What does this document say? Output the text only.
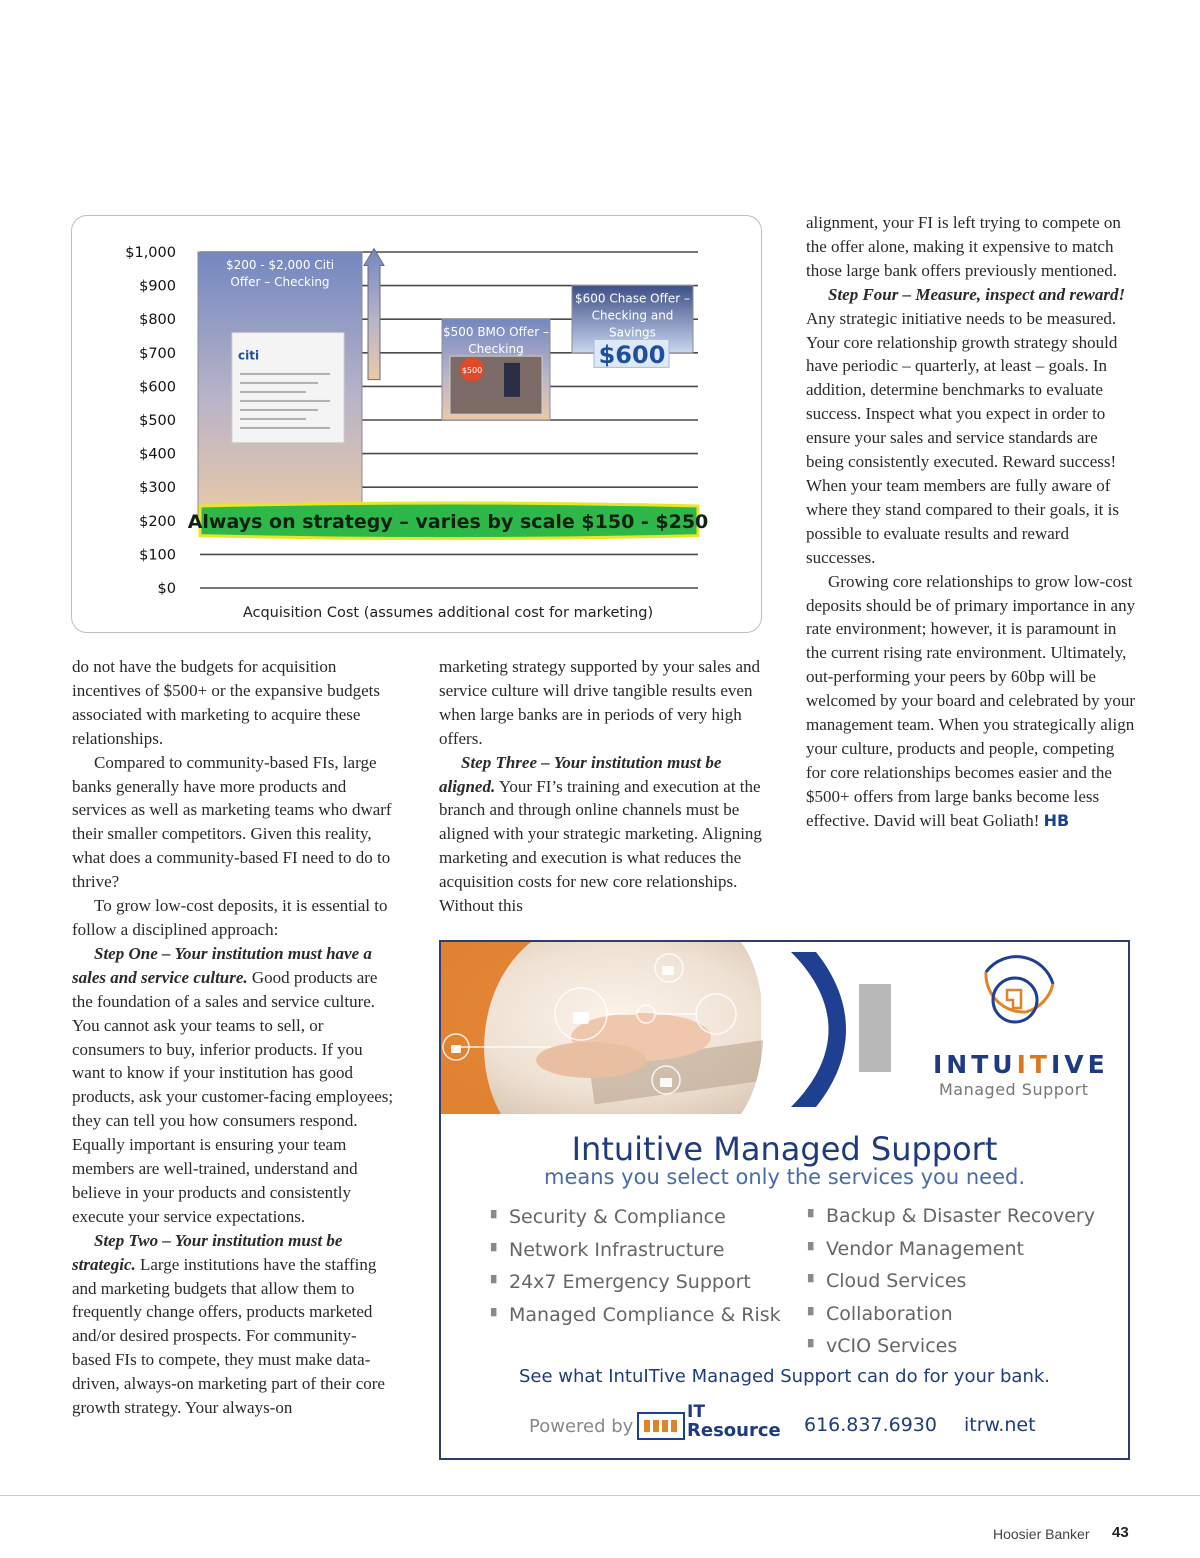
$1,000
$900
$800
$700
$600
$500
$400
$300
$200
$100
$0
citi
$200 - $2,000 Citi
Offer – Checking
$500
$500 BMO Offer –
Checking	$600
$600 Chase Offer –
Checking and
Savings
Always on strategy – varies by scale $150 - $250
Acquisition Cost (assumes additional cost for marketing)

do not have the budgets for acquisition incentives of $500+ or the expansive budgets associated with marketing to acquire these relationships.

Compared to community-based FIs, large banks generally have more products and services as well as marketing teams who dwarf their smaller competitors. Given this reality, what does a community-based FI need to do to thrive?

To grow low-cost deposits, it is essential to follow a disciplined approach:

Step One – Your institution must have a sales and service culture. Good products are the foundation of a sales and service culture. You cannot ask your teams to sell, or consumers to buy, inferior products. If you want to know if your institution has good products, ask your customer-facing employees; they can tell you how consumers respond. Equally important is ensuring your team members are well-trained, understand and believe in your products and consistently execute your service expectations.

Step Two – Your institution must be strategic. Large institutions have the staffing and marketing budgets that allow them to frequently change offers, products marketed and/or desired prospects. For community-based FIs to compete, they must make data-driven, always-on marketing part of their core growth strategy. Your always-on

marketing strategy supported by your sales and service culture will drive tangible results even when large banks are in periods of very high offers.

Step Three – Your institution must be aligned. Your FI’s training and execution at the branch and through online channels must be aligned with your strategic marketing. Aligning marketing and execution is what reduces the acquisition costs for new core relationships. Without this

alignment, your FI is left trying to compete on the offer alone, making it expensive to match those large bank offers previously mentioned.

Step Four – Measure, inspect and reward! Any strategic initiative needs to be measured. Your core relationship growth strategy should have periodic – quarterly, at least – goals. In addition, determine benchmarks to evaluate success. Inspect what you expect in order to ensure your sales and service standards are being consistently executed. Reward success! When your team members are fully aware of where they stand compared to their goals, it is possible to evaluate results and reward successes.

Growing core relationships to grow low-cost deposits should be of primary importance in any rate environment; however, it is paramount in the current rising rate environment. Ultimately, out-performing your peers by 60bp will be welcomed by your board and celebrated by your management team. When you strategically align your culture, products and people, competing for core relationships becomes easier and the $500+ offers from large banks become less effective. David will beat Goliath! HB

INTUITIVE
Managed Support
Intuitive Managed Support
means you select only the services you need.
▘ Security & Compliance
▘ Network Infrastructure
▘ 24x7 Emergency Support
▘ Managed Compliance & Risk
▘ Backup & Disaster Recovery
▘ Vendor Management
▘ Cloud Services
▘ Collaboration
▘ vCIO Services
See what IntuITive Managed Support can do for your bank.
Powered by
IT
Resource 616.837.6930 itrw.net
Hoosier Banker 43
